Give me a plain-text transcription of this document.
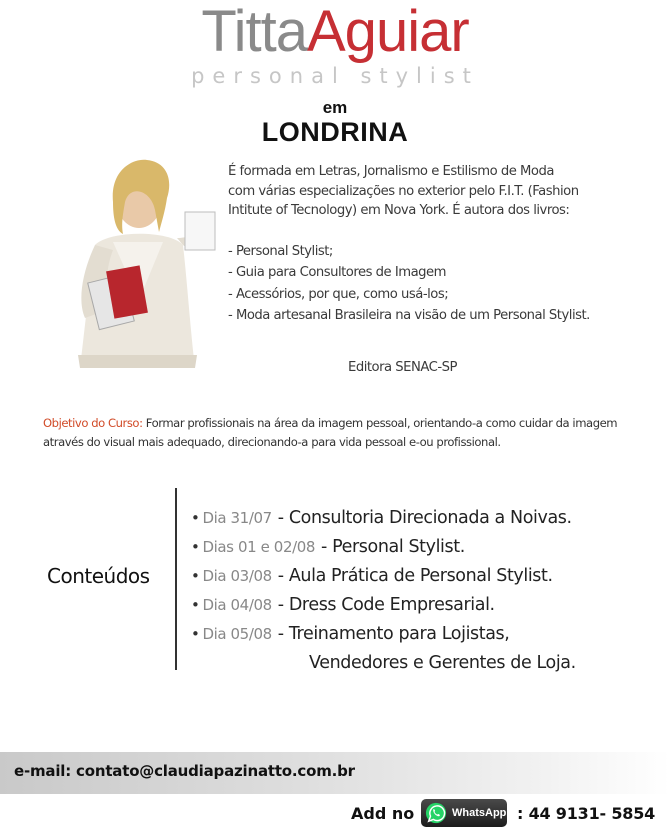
TittaAguiar
personal stylist
em
LONDRINA

É formada em Letras, Jornalismo e Estilismo de Moda

com várias especializações no exterior pelo F.I.T. (Fashion

Intitute of Tecnology) em Nova York. É autora dos livros:

- Personal Stylist;
- Guia para Consultores de Imagem
- Acessórios, por que, como usá-los;
- Moda artesanal Brasileira na visão de um Personal Stylist.
Editora SENAC-SP
Objetivo do Curso: Formar profissionais na área da imagem pessoal, orientando-a como cuidar da imagem através do visual mais adequado, direcionando-a para vida pessoal e-ou profissional.
Conteúdos
• Dia 31/07 - Consultoria Direcionada a Noivas.
• Dias 01 e 02/08 - Personal Stylist.
• Dia 03/08 - Aula Prática de Personal Stylist.
• Dia 04/08 - Dress Code Empresarial.
• Dia 05/08 - Treinamento para Lojistas,
Vendedores e Gerentes de Loja.
e-mail: contato@claudiapazinatto.com.br
Add no	WhatsApp : 44 9131- 5854
